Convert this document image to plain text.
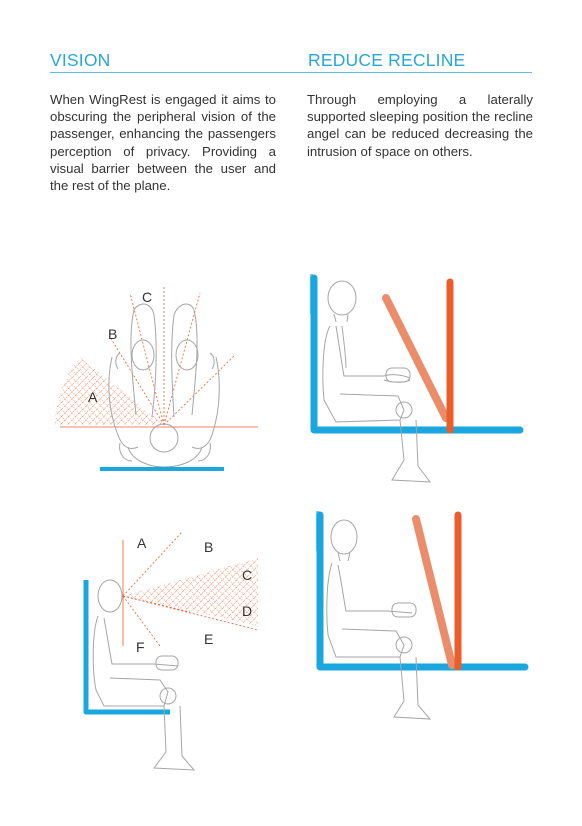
VISION	REDUCE RECLINE

When WingRest is engaged it aims to obscuring the peripheral vision of the passenger, enhancing the passengers perception of privacy. Providing a visual barrier between the user and the rest of the plane.

Through employing a laterally supported sleeping position the recline angel can be reduced decreasing the intrusion of space on others.

C
B
A
A	B
C
D
E
F
